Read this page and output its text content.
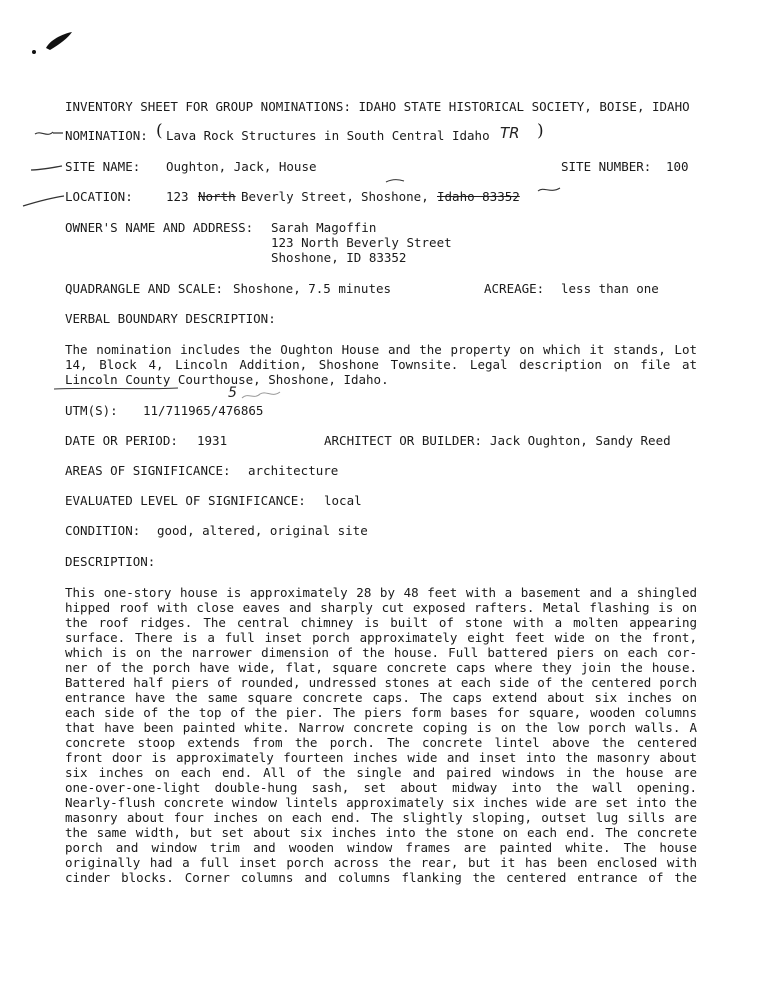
INVENTORY SHEET FOR GROUP NOMINATIONS: IDAHO STATE HISTORICAL SOCIETY, BOISE, IDAHO
NOMINATION: ( Lava Rock Structures in South Central Idaho TR )
SITE NAME: Oughton, Jack, House	SITE NUMBER: 100
LOCATION:	123 North Beverly Street, Shoshone, Idaho 83352
OWNER'S NAME AND ADDRESS: Sarah Magoffin
123 North Beverly Street
Shoshone, ID 83352
QUADRANGLE AND SCALE: Shoshone, 7.5 minutes	ACREAGE: less than one
VERBAL BOUNDARY DESCRIPTION:
The nomination includes the Oughton House and the property on which it stands, Lot
14, Block 4, Lincoln Addition, Shoshone Townsite. Legal description on file at
Lincoln County Courthouse, Shoshone, Idaho.
UTM(S): 11/711965/476865
5
DATE OR PERIOD: 1931	ARCHITECT OR BUILDER: Jack Oughton, Sandy Reed
AREAS OF SIGNIFICANCE: architecture
EVALUATED LEVEL OF SIGNIFICANCE: local
CONDITION: good, altered, original site
DESCRIPTION:
This one-story house is approximately 28 by 48 feet with a basement and a shingled
hipped roof with close eaves and sharply cut exposed rafters. Metal flashing is on
the roof ridges. The central chimney is built of stone with a molten appearing
surface. There is a full inset porch approximately eight feet wide on the front,
which is on the narrower dimension of the house. Full battered piers on each cor-
ner of the porch have wide, flat, square concrete caps where they join the house.
Battered half piers of rounded, undressed stones at each side of the centered porch
entrance have the same square concrete caps. The caps extend about six inches on
each side of the top of the pier. The piers form bases for square, wooden columns
that have been painted white. Narrow concrete coping is on the low porch walls. A
concrete stoop extends from the porch. The concrete lintel above the centered
front door is approximately fourteen inches wide and inset into the masonry about
six inches on each end. All of the single and paired windows in the house are
one-over-one-light double-hung sash, set about midway into the wall opening.
Nearly-flush concrete window lintels approximately six inches wide are set into the
masonry about four inches on each end. The slightly sloping, outset lug sills are
the same width, but set about six inches into the stone on each end. The concrete
porch and window trim and wooden window frames are painted white. The house
originally had a full inset porch across the rear, but it has been enclosed with
cinder blocks. Corner columns and columns flanking the centered entrance of the
